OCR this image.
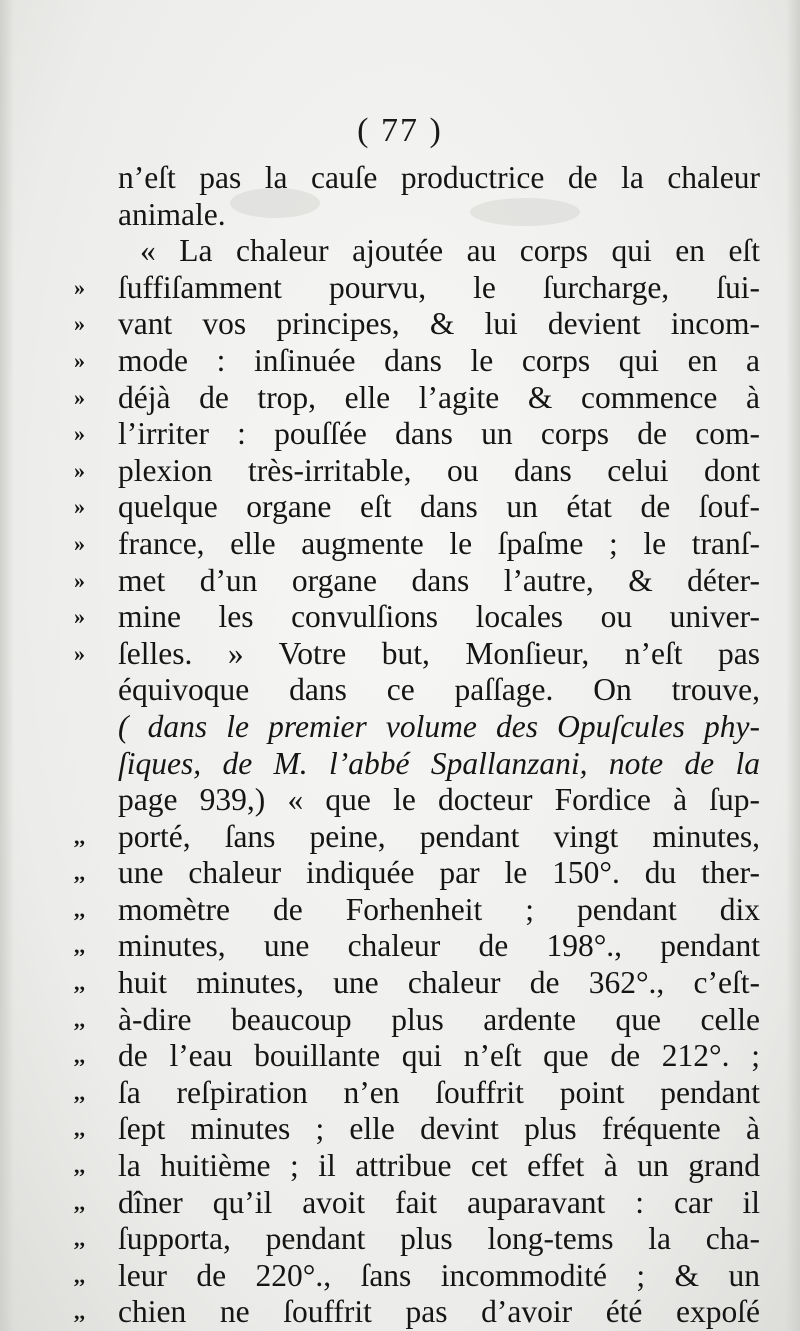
( 77 )
n’eſt pas la cauſe productrice de la chaleur
animale.
« La chaleur ajoutée au corps qui en eſt
»	ſuffiſamment pourvu, le ſurcharge, ſui-
»	vant vos principes, & lui devient incom-
»	mode : inſinuée dans le corps qui en a
»	déjà de trop, elle l’agite & commence à
»	l’irriter : pouſſée dans un corps de com-
»	plexion très-irritable, ou dans celui dont
»	quelque organe eſt dans un état de ſouf-
»	france, elle augmente le ſpaſme ; le tranſ-
»	met d’un organe dans l’autre, & déter-
»	mine les convulſions locales ou univer-
»	ſelles. » Votre but, Monſieur, n’eſt pas
équivoque dans ce paſſage. On trouve,
( dans le premier volume des Opuſcules phy-
ſiques, de M. l’abbé Spallanzani, note de la
page 939,) « que le docteur Fordice à ſup-
,,	porté, ſans peine, pendant vingt minutes,
,,	une chaleur indiquée par le 150°. du ther-
,,	momètre de Forhenheit ; pendant dix
,,	minutes, une chaleur de 198°., pendant
,,	huit minutes, une chaleur de 362°., c’eſt-
,,	à-dire beaucoup plus ardente que celle
,,	de l’eau bouillante qui n’eſt que de 212°. ;
,,	ſa reſpiration n’en ſouffrit point pendant
,,	ſept minutes ; elle devint plus fréquente à
,,	la huitième ; il attribue cet effet à un grand
,,	dîner qu’il avoit fait auparavant : car il
,,	ſupporta, pendant plus long-tems la cha-
,,	leur de 220°., ſans incommodité ; & un
,,	chien ne ſouffrit pas d’avoir été expoſé
